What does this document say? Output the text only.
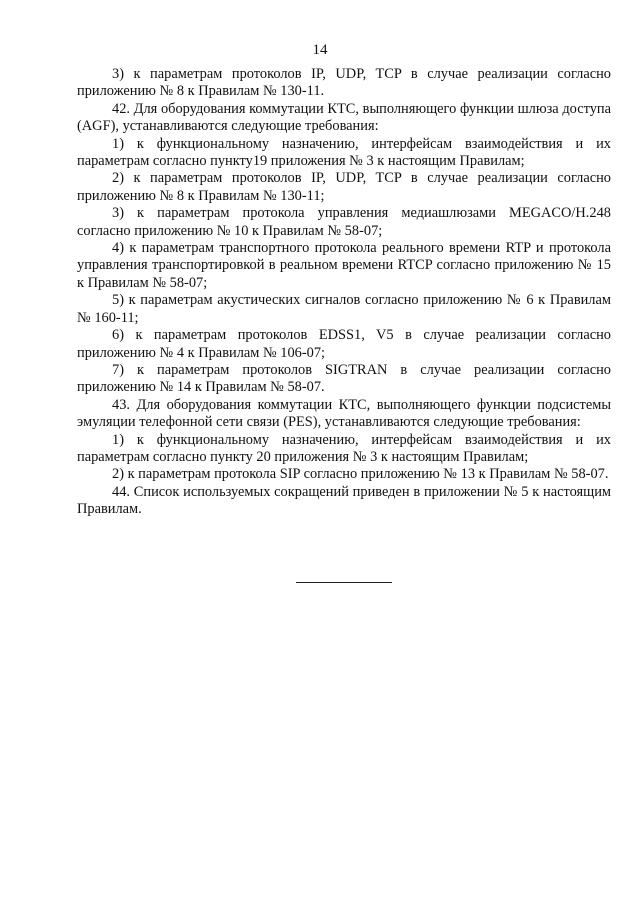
14

3) к параметрам протоколов IP, UDP, TCP в случае реализации согласно приложению № 8 к Правилам № 130-11.

42. Для оборудования коммутации КТС, выполняющего функции шлюза доступа (AGF), устанавливаются следующие требования:

1) к функциональному назначению, интерфейсам взаимодействия и их параметрам согласно пункту19 приложения № 3 к настоящим Правилам;

2) к параметрам протоколов IP, UDP, TCP в случае реализации согласно приложению № 8 к Правилам № 130-11;

3) к параметрам протокола управления медиашлюзами MEGACO/H.248 согласно приложению № 10 к Правилам № 58-07;

4) к параметрам транспортного протокола реального времени RTP и протокола управления транспортировкой в реальном времени RTCP согласно приложению № 15 к Правилам № 58-07;

5) к параметрам акустических сигналов согласно приложению № 6 к Правилам № 160-11;

6) к параметрам протоколов EDSS1, V5 в случае реализации согласно приложению № 4 к Правилам № 106-07;

7) к параметрам протоколов SIGTRAN в случае реализации согласно приложению № 14 к Правилам № 58-07.

43. Для оборудования коммутации КТС, выполняющего функции подсистемы эмуляции телефонной сети связи (PES), устанавливаются следующие требования:

1) к функциональному назначению, интерфейсам взаимодействия и их параметрам согласно пункту 20 приложения № 3 к настоящим Правилам;

2) к параметрам протокола SIP согласно приложению № 13 к Правилам № 58-07.

44. Список используемых сокращений приведен в приложении № 5 к настоящим Правилам.
